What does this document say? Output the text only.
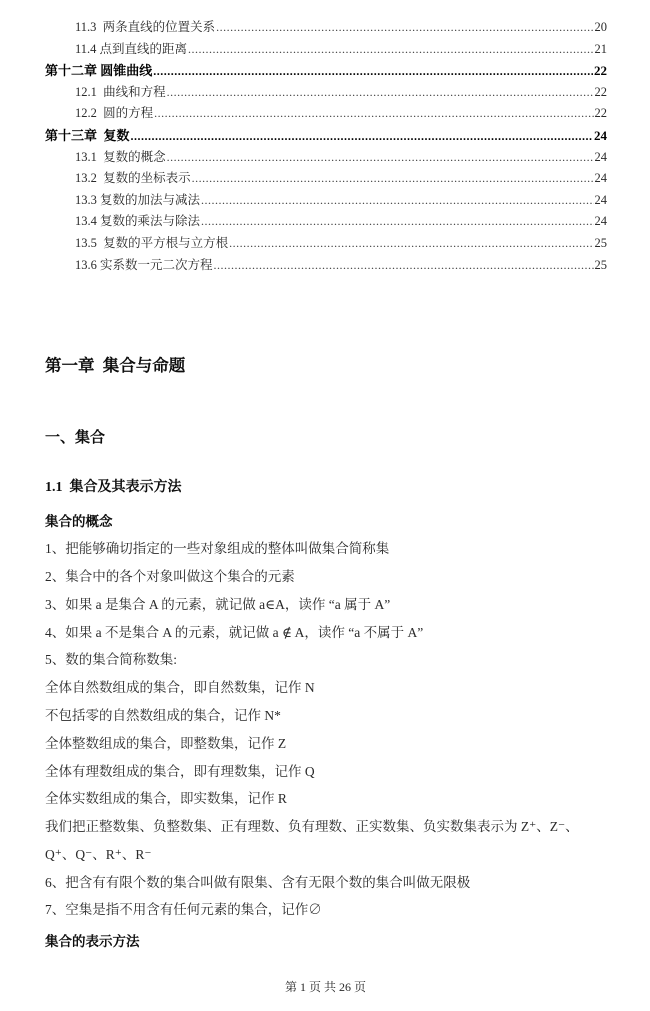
11.3  两条直线的位置关系 .....	20
11.4 点到直线的距离 .....	21
第十二章 圆锥曲线 .....	22
12.1  曲线和方程 .....	22
12.2  圆的方程 .....	22
第十三章  复数 .....	24
13.1  复数的概念 .....	24
13.2  复数的坐标表示 .....	24
13.3 复数的加法与减法 .....	24
13.4 复数的乘法与除法 .....	24
13.5  复数的平方根与立方根 .....	25
13.6 实系数一元二次方程 .....	25
第一章  集合与命题
一、集合
1.1  集合及其表示方法
集合的概念

1、把能够确切指定的一些对象组成的整体叫做集合简称集

2、集合中的各个对象叫做这个集合的元素

3、如果 a 是集合 A 的元素，就记做 a∈A，读作 “a 属于 A”

4、如果 a 不是集合 A 的元素，就记做 a ∉ A，读作 “a 不属于 A”

5、数的集合简称数集:

全体自然数组成的集合，即自然数集，记作 N

不包括零的自然数组成的集合，记作 N*

全体整数组成的集合，即整数集，记作 Z

全体有理数组成的集合，即有理数集，记作 Q

全体实数组成的集合，即实数集，记作 R

我们把正整数集、负整数集、正有理数、负有理数、正实数集、负实数集表示为 Z⁺、Z⁻、

Q⁺、Q⁻、R⁺、R⁻

6、把含有有限个数的集合叫做有限集、含有无限个数的集合叫做无限极

7、空集是指不用含有任何元素的集合，记作∅

集合的表示方法
第 1 页 共 26 页
